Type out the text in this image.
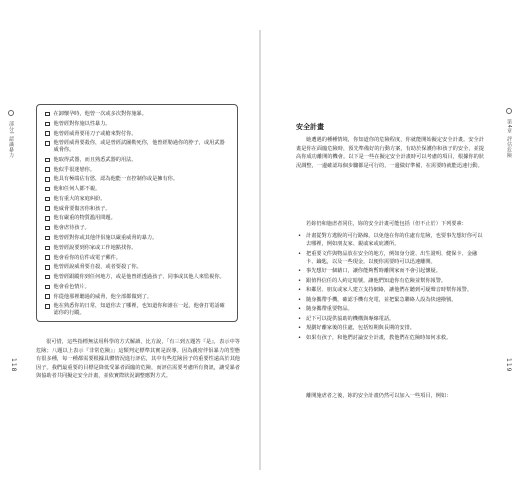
部分I 認識暴力
在卸懷孕時，他曾一次或多次對你施暴。
他曾經對你施以性暴力。
他曾經威脅要用刀子或槍來對付你。
他曾經威脅要殺你，或是曾經試圖勒死你，他曾經勒過你的脖子，或用武器威脅你。
他取得武器，而且熟悉武器的用法。
他似乎很迷戀你。
他具有極端佔有慾，認為他能一直控制你或是擁有你。
他和任何人都不親。
他有重大的家庭糾紛。
他威脅要傷害你和孩子。
他有嚴重的物質濫用問題。
他會虐待孩子。
他曾經對你或其他伴侶施以嚴重威脅的暴力。
他曾經說要到你家或工作地點找你。
他會看你的信件或電子郵件。
他曾經說威脅要自殺，或者要殺了你。
他曾經跟蹤你到任何地方，或是他曾經透過孩子、同事或其他人來監視你。
他會看色情片。
你從他那裡聽過的威脅，他全部都做到了。
他在熟悉你的日常，知道你去了哪裡，也知道你和誰在一起，他會打電話確認你的行蹤。
很可惜，這些指標無法用科學的方式解讀，比方說，「有三到五題答『是』，表示中等危險；八題以上表示『非常危險』」這類判定標準其實是誤導。因為親密伴侶暴力的型態有很多種，每一種都需要根據具體情況進行評估，其中有些危險因子的重要性遠高於其他因子。我們最重要的目標是降低受暴者面臨的危險，而評估需要考慮所有資訊，讓受暴者與協助者共同擬定安全計畫，並依實際狀況調整應對方式。
118
安全計畫
她遭遇的種種情境，你知道你的危險程度，你就能開始擬定安全計畫。安全計畫是你在面臨危險時，預先準備好的行動方案，有助於保護你和孩子的安全，並提高你成功離開的機會。以下是一些在擬定安全計畫時可以考慮的項目，根據你的狀況調整，一邊確認每個步驟都是可行的，一邊做好準備，在需要時就能迅速行動。
若妳仍和施虐者同住，妳的安全計畫可能包括（但不止於）下列要素：
• 計畫從對方逃脫的可行路線，以免他在你的住處有危險，也要事先想好你可以去哪裡，例如朋友家、親戚家或庇護所。
• 把重要文件與物品放在安全的地方，例如身分證、出生證明、健保卡、金融卡、鑰匙，以及一些現金，以便你需要時可以迅速離開。
• 事先想好一個藉口，讓你能夠暫時離開家而不會引起懷疑。
• 跟值得信任的人約定暗號，讓他們知道你有危險並幫你報警。
• 和鄰居、朋友或家人建立支持網絡，讓他們在聽到可疑聲音時幫你報警。
• 隨身攜帶手機，確認手機有充電，並把緊急聯絡人設為快速撥號。
• 隨身攜帶重要物品。
• 記下可以提供協助的機構與專線電話。
• 規劃好離家後的住處，包括短期與長期的安排。
• 如果有孩子，和他們討論安全計畫，教他們在危險時如何求救。
離開施虐者之後，妳的安全計畫仍然可以加入一些項目，例如：
第4章 評估危險
119
